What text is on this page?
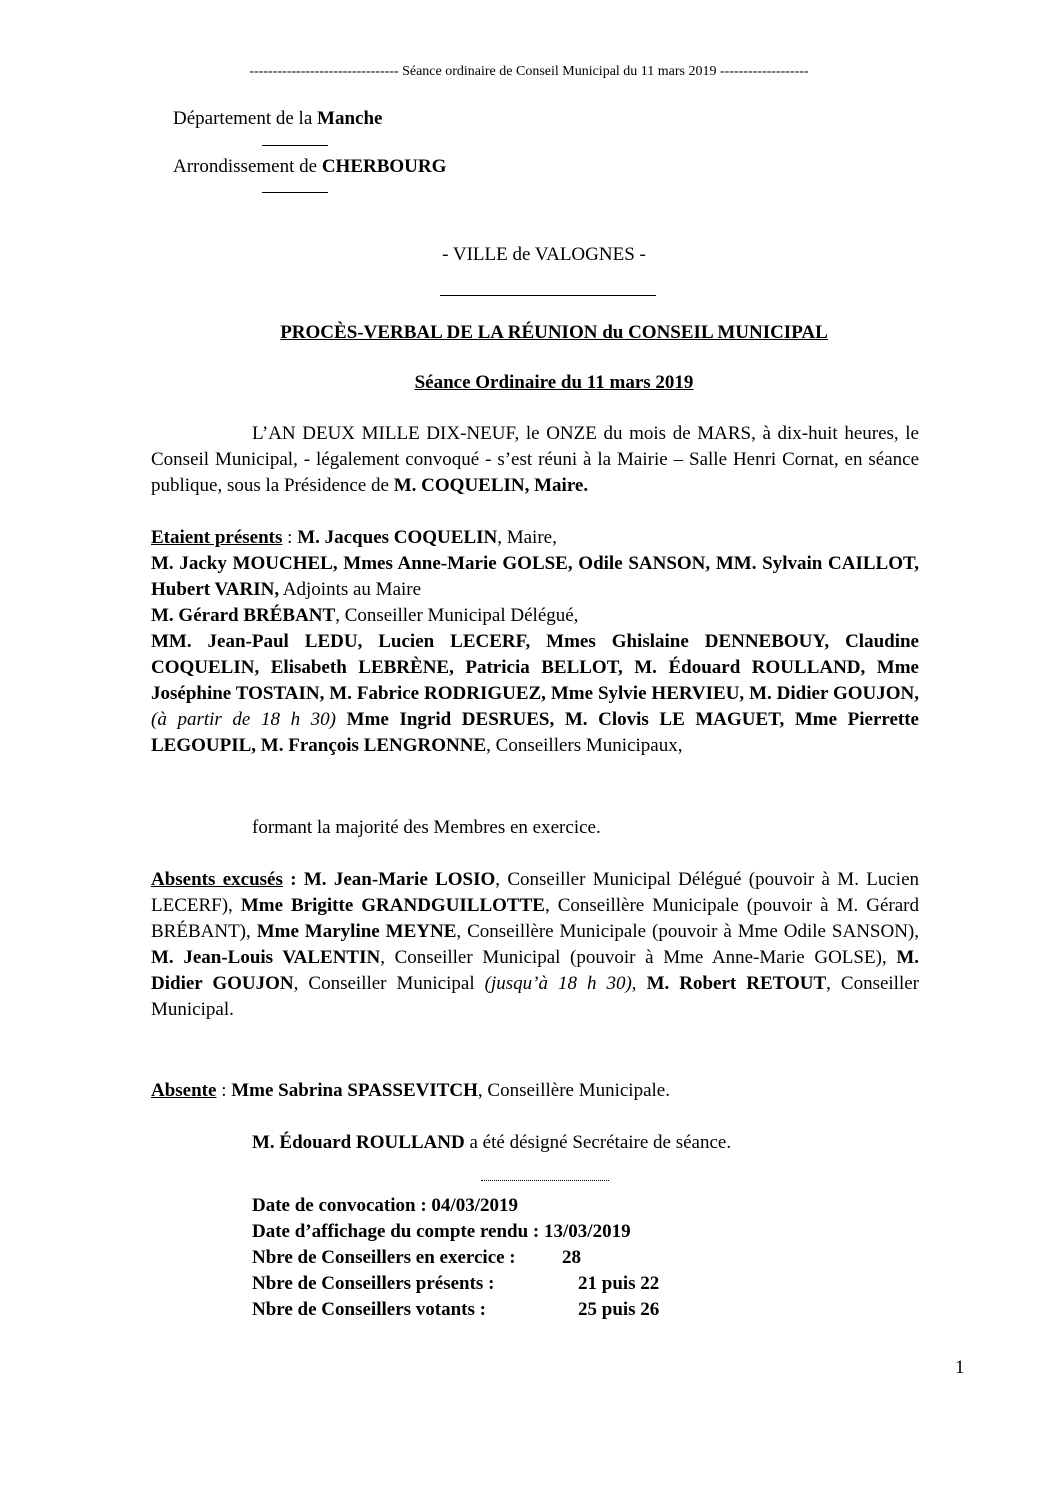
-------------------------------- Séance ordinaire de Conseil Municipal du 11 mars 2019 -------------------
Département de la Manche
Arrondissement de CHERBOURG
- VILLE de VALOGNES -
PROCÈS-VERBAL DE LA RÉUNION du CONSEIL MUNICIPAL
Séance Ordinaire du 11 mars 2019

L’AN DEUX MILLE DIX-NEUF, le ONZE du mois de MARS, à dix-huit heures, le Conseil Municipal, - légalement convoqué - s’est réuni à la Mairie – Salle Henri Cornat, en séance publique, sous la Présidence de M. COQUELIN, Maire.

Etaient présents : M. Jacques COQUELIN, Maire,

M. Jacky MOUCHEL, Mmes Anne-Marie GOLSE, Odile SANSON, MM. Sylvain CAILLOT, Hubert VARIN, Adjoints au Maire

M. Gérard BRÉBANT, Conseiller Municipal Délégué,

MM. Jean-Paul LEDU, Lucien LECERF, Mmes Ghislaine DENNEBOUY, Claudine COQUELIN, Elisabeth LEBRÈNE, Patricia BELLOT, M. Édouard ROULLAND, Mme Joséphine TOSTAIN, M. Fabrice RODRIGUEZ, Mme Sylvie HERVIEU, M. Didier GOUJON, (à partir de 18 h 30) Mme Ingrid DESRUES, M. Clovis LE MAGUET, Mme Pierrette LEGOUPIL, M. François LENGRONNE, Conseillers Municipaux,

formant la majorité des Membres en exercice.

Absents excusés : M. Jean-Marie LOSIO, Conseiller Municipal Délégué (pouvoir à M. Lucien LECERF), Mme Brigitte GRANDGUILLOTTE, Conseillère Municipale (pouvoir à M. Gérard BRÉBANT), Mme Maryline MEYNE, Conseillère Municipale (pouvoir à Mme Odile SANSON), M. Jean-Louis VALENTIN, Conseiller Municipal (pouvoir à Mme Anne-Marie GOLSE), M. Didier GOUJON, Conseiller Municipal (jusqu’à 18 h 30), M. Robert RETOUT, Conseiller Municipal.

Absente : Mme Sabrina SPASSEVITCH, Conseillère Municipale.

M. Édouard ROULLAND a été désigné Secrétaire de séance.

Date de convocation : 04/03/2019
Date d’affichage du compte rendu : 13/03/2019
Nbre de Conseillers en exercice : 28
Nbre de Conseillers présents :	21 puis 22
Nbre de Conseillers votants :	25 puis 26
1
